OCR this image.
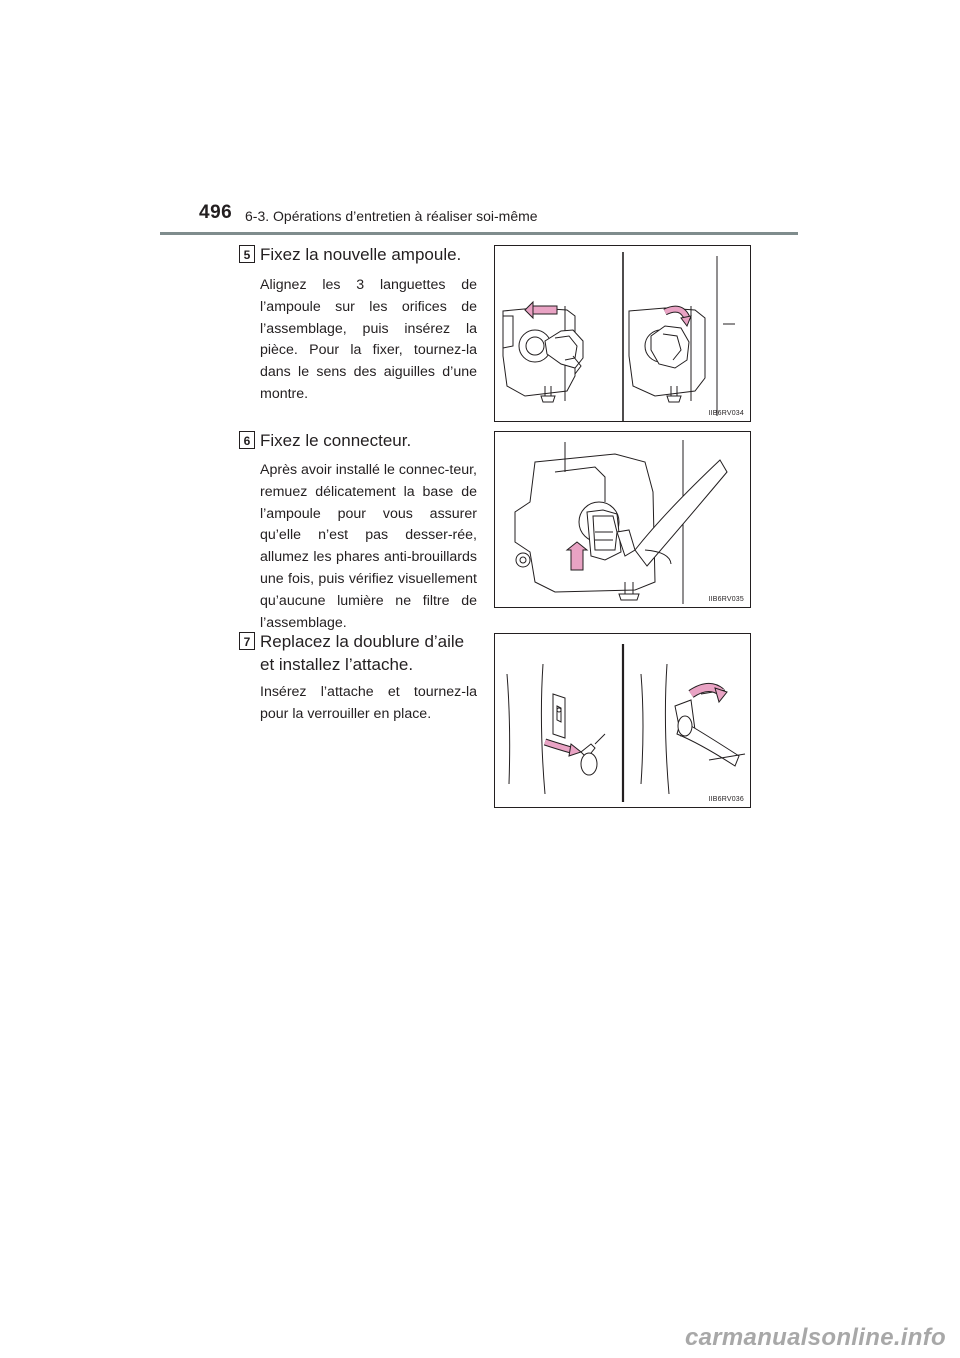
496 6-3. Opérations d’entretien à réaliser soi-même
5 Fixez la nouvelle ampoule.
Alignez les 3 languettes de l’ampoule sur les orifices de l’assemblage, puis insérez la pièce. Pour la fixer, tournez-la dans le sens des aiguilles d’une montre.
IIB6RV034
6 Fixez le connecteur.
Après avoir installé le connec-teur, remuez délicatement la base de l’ampoule pour vous assurer qu’elle n’est pas desser-rée, allumez les phares anti-brouillards une fois, puis vérifiez visuellement qu’aucune lumière ne filtre de l’assemblage.
IIB6RV035
7 Replacez la doublure d’aile et installez l’attache.
Insérez l’attache et tournez-la pour la verrouiller en place.
IIB6RV036
carmanualsonline.info
